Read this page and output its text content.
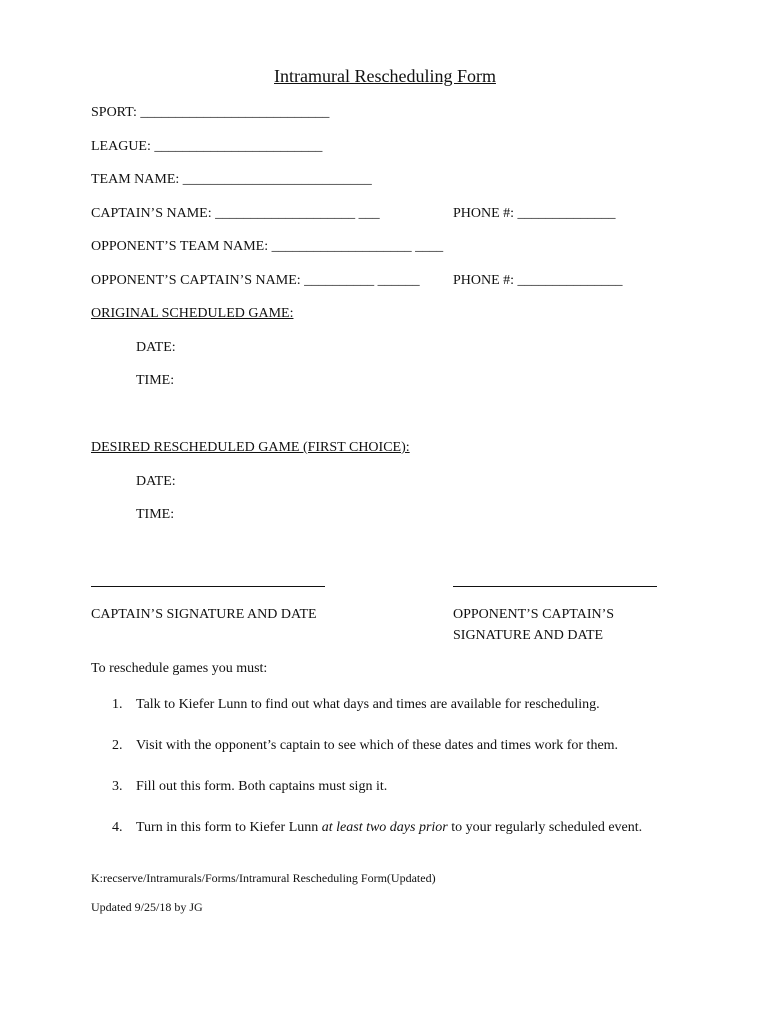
Intramural Rescheduling Form
SPORT: ___________________________
LEAGUE: ________________________
TEAM NAME: ___________________________
CAPTAIN’S NAME: ____________________ ___	PHONE #: ______________
OPPONENT’S TEAM NAME: ____________________ ____
OPPONENT’S CAPTAIN’S NAME: __________ ______ PHONE #: _______________
ORIGINAL SCHEDULED GAME:
DATE:
TIME:
DESIRED RESCHEDULED GAME (FIRST CHOICE):
DATE:
TIME:
CAPTAIN’S SIGNATURE AND DATE	OPPONENT’S CAPTAIN’S
SIGNATURE AND DATE
To reschedule games you must:
1. Talk to Kiefer Lunn to find out what days and times are available for rescheduling.
2. Visit with the opponent’s captain to see which of these dates and times work for them.
3. Fill out this form. Both captains must sign it.
4. Turn in this form to Kiefer Lunn at least two days prior to your regularly scheduled event.
K:recserve/Intramurals/Forms/Intramural Rescheduling Form(Updated)
Updated 9/25/18 by JG
